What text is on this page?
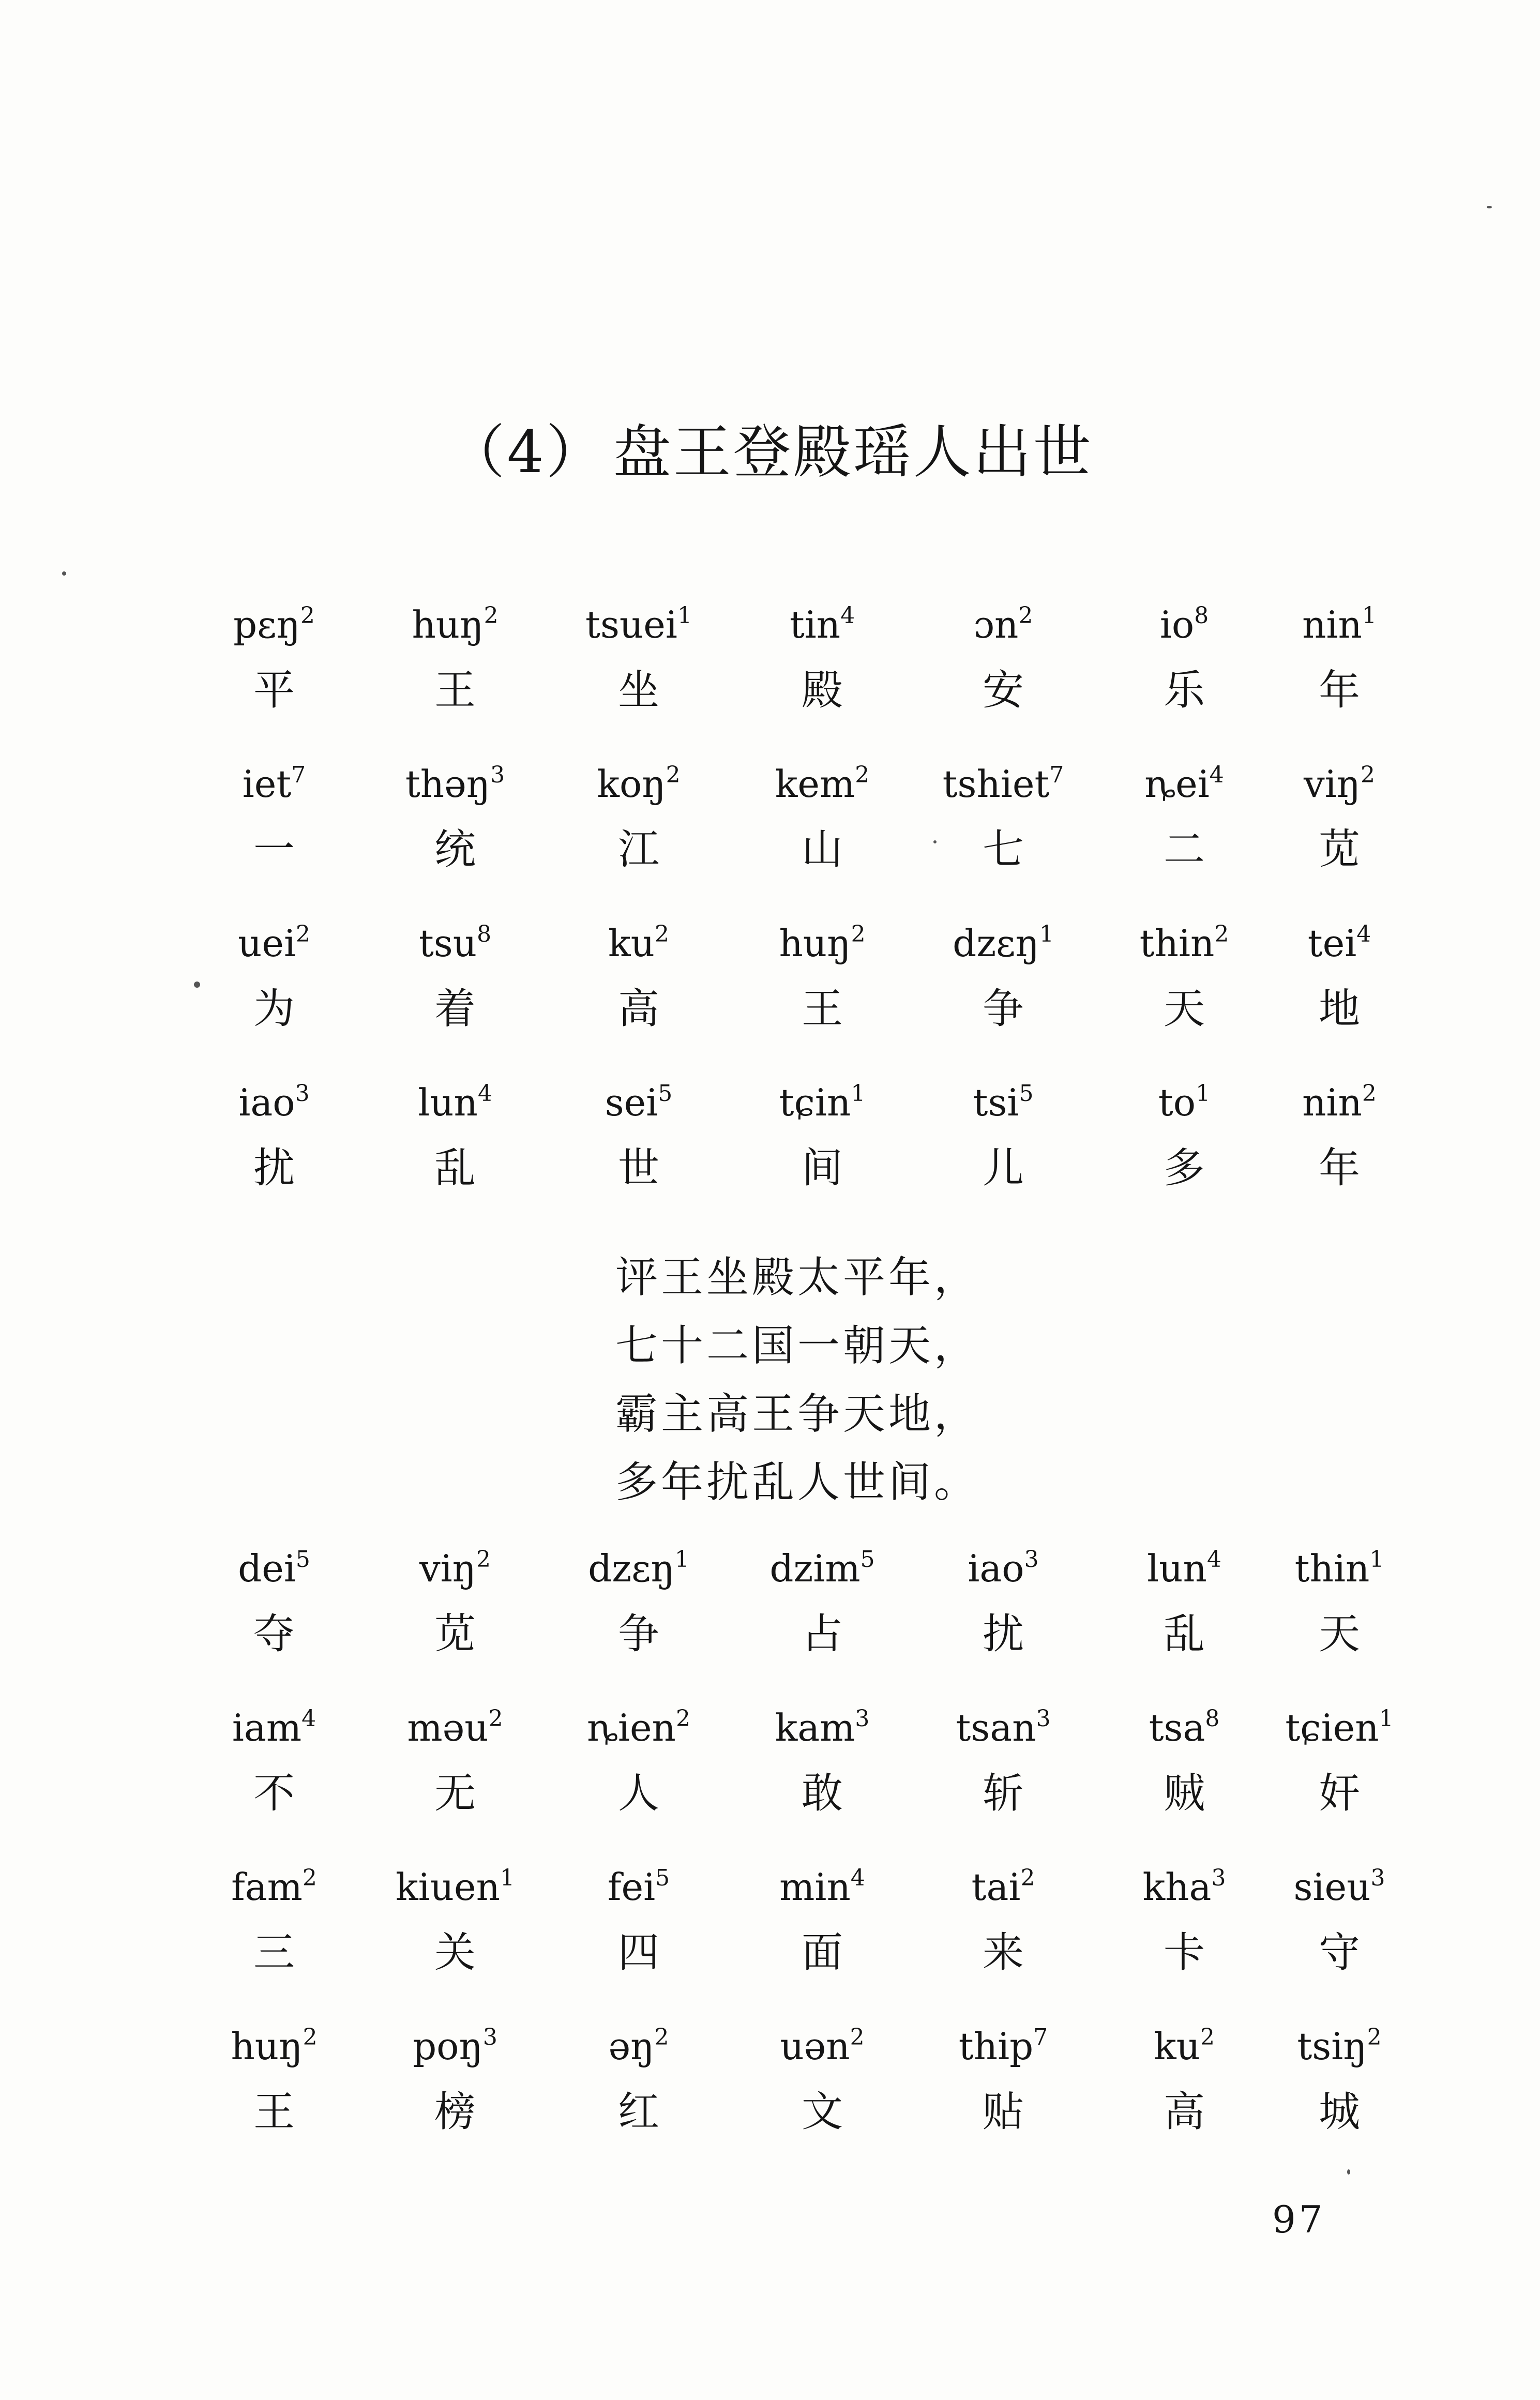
（4） 盘王登殿瑶人出世
pεŋ$^2$
平
huŋ$^2$
王
tsuei$^1$
坐
tin$^4$
殿
ɔn$^2$
安
$io^8$
乐
nin$^1$
年
iet$^7$
一
thəŋ$^3$
统
koŋ$^2$
江
kem$^2$
山
tshiet$^7$
七
ȵei$^4$
二
viŋ$^2$
苋
uei$^2$
为
tsu$^8$
着
$ku^2$
高
huŋ$^2$
王
dzεŋ$^1$
争
thin$^2$
天
tei$^4$
地
iao$^3$
扰
lun$^4$
乱
sei$^5$
世
tɕin$^1$
间
tsi$^5$
儿
$to^1$
多
nin$^2$
年
评王坐殿太平年，
七十二国一朝天，
霸主高王争天地，
多年扰乱人世间。
dei$^5$
夺
viŋ$^2$
苋
dzεŋ$^1$
争
dzim$^5$
占
iao$^3$
扰
lun$^4$
乱
thin$^1$
天
iam$^4$
不
məu$^2$
无
ȵien$^2$
人
kam$^3$
敢
tsan$^3$
斩
tsa$^8$
贼
tɕien$^1$
奸
fam$^2$
三
kiuen$^1$
关
fei$^5$
四
$\min^4$
面
tai$^2$
来
kha$^3$
卡
sieu$^3$
守
huŋ$^2$
王
poŋ$^3$
榜
əŋ$^2$
红
uən$^2$
文
thip$^7$
贴
$ku^2$
高
tsiŋ$^2$
城
97
